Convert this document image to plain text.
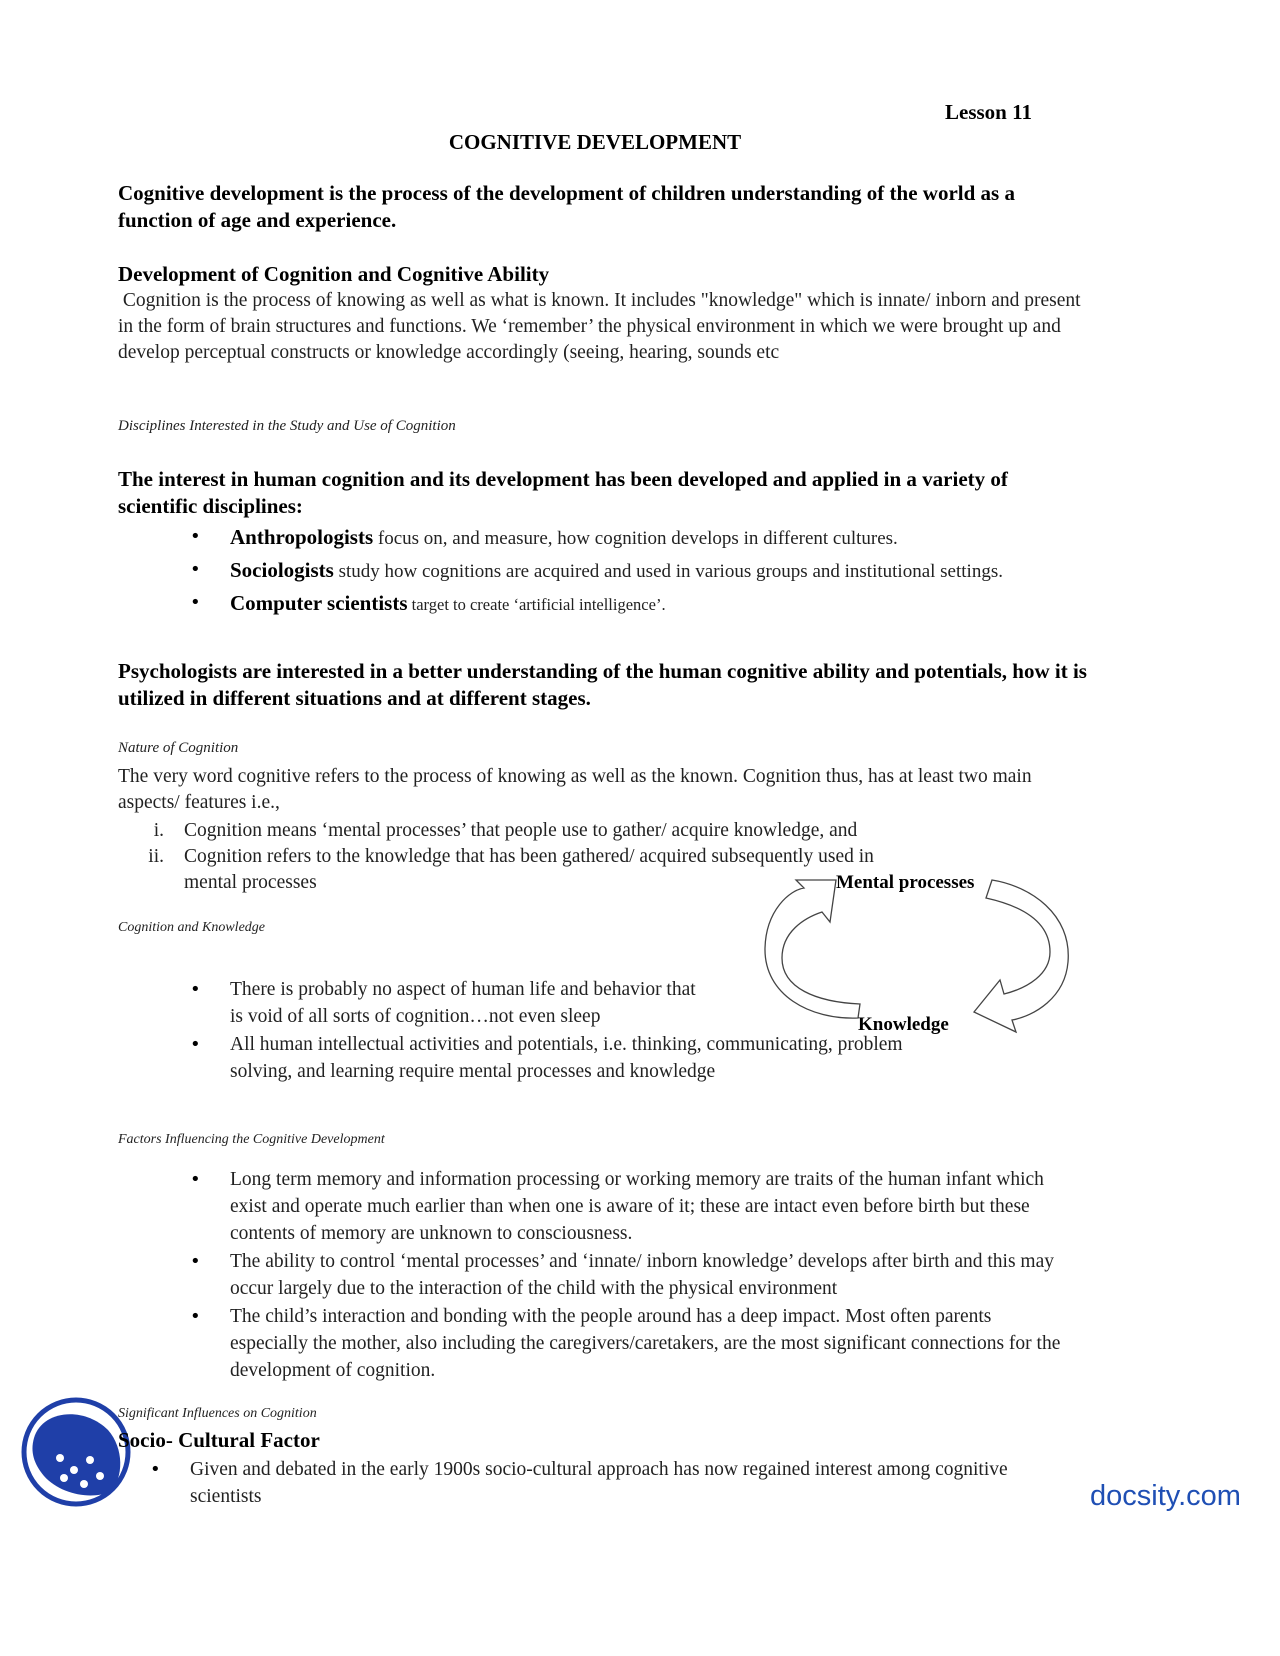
Lesson 11
COGNITIVE DEVELOPMENT
Cognitive development is the process of the development of children understanding of the world as a function of age and experience.
Development of Cognition and Cognitive Ability
Cognition is the process of knowing as well as what is known. It includes "knowledge" which is innate/ inborn and present in the form of brain structures and functions. We ‘remember’ the physical environment in which we were brought up and develop perceptual constructs or knowledge accordingly (seeing, hearing, sounds etc
Disciplines Interested in the Study and Use of Cognition
The interest in human cognition and its development has been developed and applied in a variety of scientific disciplines:
• Anthropologists focus on, and measure, how cognition develops in different cultures.
• Sociologists study how cognitions are acquired and used in various groups and institutional settings.
• Computer scientists target to create ‘artificial intelligence’.
Psychologists are interested in a better understanding of the human cognitive ability and potentials, how it is utilized in different situations and at different stages.
Nature of Cognition
The very word cognitive refers to the process of knowing as well as the known. Cognition thus, has at least two main aspects/ features i.e.,
i. Cognition means ‘mental processes’ that people use to gather/ acquire knowledge, and
ii. Cognition refers to the knowledge that has been gathered/ acquired subsequently used in mental processes
Cognition and Knowledge
• There is probably no aspect of human life and behavior that is void of all sorts of cognition…not even sleep
• All human intellectual activities and potentials, i.e. thinking, communicating, problem solving, and learning require mental processes and knowledge
Mental processes
Knowledge
Factors Influencing the Cognitive Development
• Long term memory and information processing or working memory are traits of the human infant which exist and operate much earlier than when one is aware of it; these are intact even before birth but these contents of memory are unknown to consciousness.
• The ability to control ‘mental processes’ and ‘innate/ inborn knowledge’ develops after birth and this may occur largely due to the interaction of the child with the physical environment
• The child’s interaction and bonding with the people around has a deep impact. Most often parents especially the mother, also including the caregivers/caretakers, are the most significant connections for the development of cognition.
Significant Influences on Cognition
Socio- Cultural Factor
• Given and debated in the early 1900s socio-cultural approach has now regained interest among cognitive scientists	docsity.com
